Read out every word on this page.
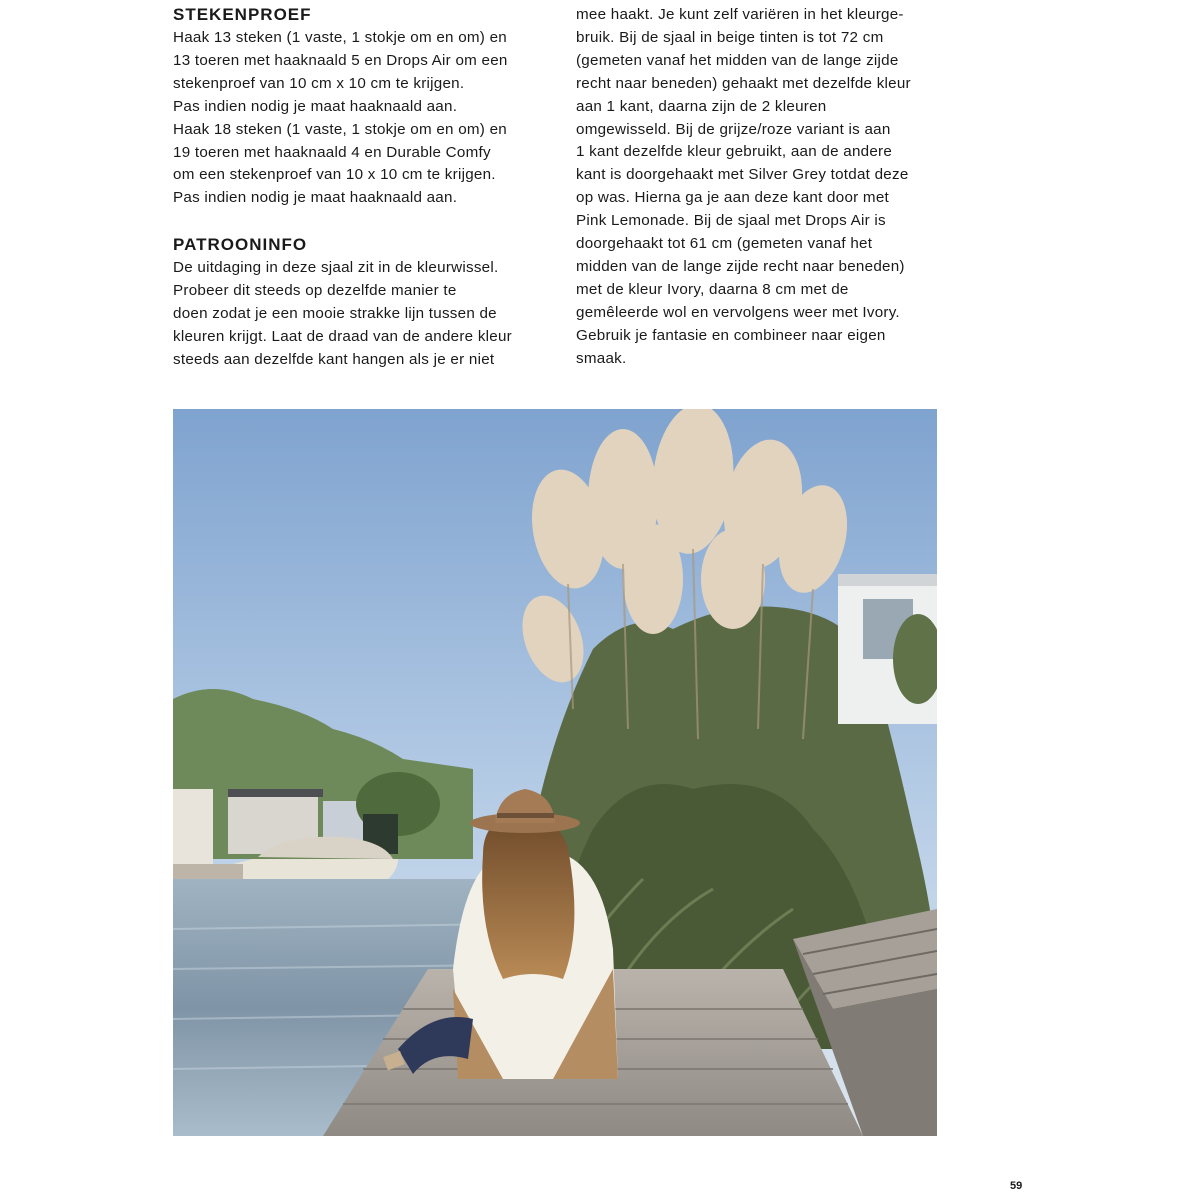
STEKENPROEF
Haak 13 steken (1 vaste, 1 stokje om en om) en
13 toeren met haaknaald 5 en Drops Air om een
stekenproef van 10 cm x 10 cm te krijgen.
Pas indien nodig je maat haaknaald aan.
Haak 18 steken (1 vaste, 1 stokje om en om) en
19 toeren met haaknaald 4 en Durable Comfy
om een stekenproef van 10 x 10 cm te krijgen.
Pas indien nodig je maat haaknaald aan.
PATROONINFO
De uitdaging in deze sjaal zit in de kleurwissel.
Probeer dit steeds op dezelfde manier te
doen zodat je een mooie strakke lijn tussen de
kleuren krijgt. Laat de draad van de andere kleur
steeds aan dezelfde kant hangen als je er niet
mee haakt. Je kunt zelf variëren in het kleurge-
bruik. Bij de sjaal in beige tinten is tot 72 cm
(gemeten vanaf het midden van de lange zijde
recht naar beneden) gehaakt met dezelfde kleur
aan 1 kant, daarna zijn de 2 kleuren
omgewisseld. Bij de grijze/roze variant is aan
1 kant dezelfde kleur gebruikt, aan de andere
kant is doorgehaakt met Silver Grey totdat deze
op was. Hierna ga je aan deze kant door met
Pink Lemonade. Bij de sjaal met Drops Air is
doorgehaakt tot 61 cm (gemeten vanaf het
midden van de lange zijde recht naar beneden)
met de kleur Ivory, daarna 8 cm met de
gemêleerde wol en vervolgens weer met Ivory.
Gebruik je fantasie en combineer naar eigen
smaak.
59
